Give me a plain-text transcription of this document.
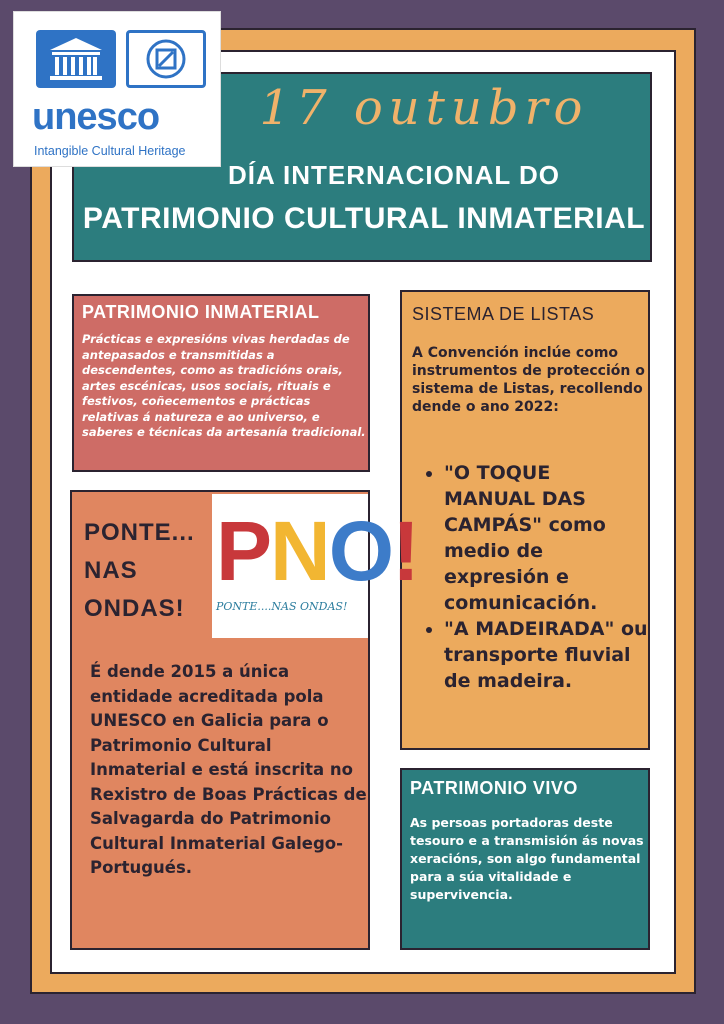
17 outubro
DÍA INTERNACIONAL DO
PATRIMONIO CULTURAL INMATERIAL
unesco
Intangible Cultural Heritage
PATRIMONIO INMATERIAL
Prácticas e expresións vivas herdadas de antepasados e transmitidas a descendentes, como as tradicións orais, artes escénicas, usos sociais, rituais e festivos, coñecementos e prácticas relativas á natureza e ao universo, e saberes e técnicas da artesanía tradicional.
SISTEMA DE LISTAS
A Convención inclúe como instrumentos de protección o sistema de Listas, recollendo dende o ano 2022:
• "O TOQUE MANUAL DAS CAMPÁS" como medio de expresión e comunicación.
• "A MADEIRADA" ou transporte fluvial de madeira.
PONTE... NAS ONDAS!
PNO!
PONTE....NAS ONDAS!
É dende 2015 a única entidade acreditada pola UNESCO en Galicia para o Patrimonio Cultural Inmaterial e está inscrita no Rexistro de Boas Prácticas de Salvagarda do Patrimonio Cultural Inmaterial Galego-Portugués.
PATRIMONIO VIVO
As persoas portadoras deste tesouro e a transmisión ás novas xeracións, son algo fundamental para a súa vitalidade e supervivencia.
